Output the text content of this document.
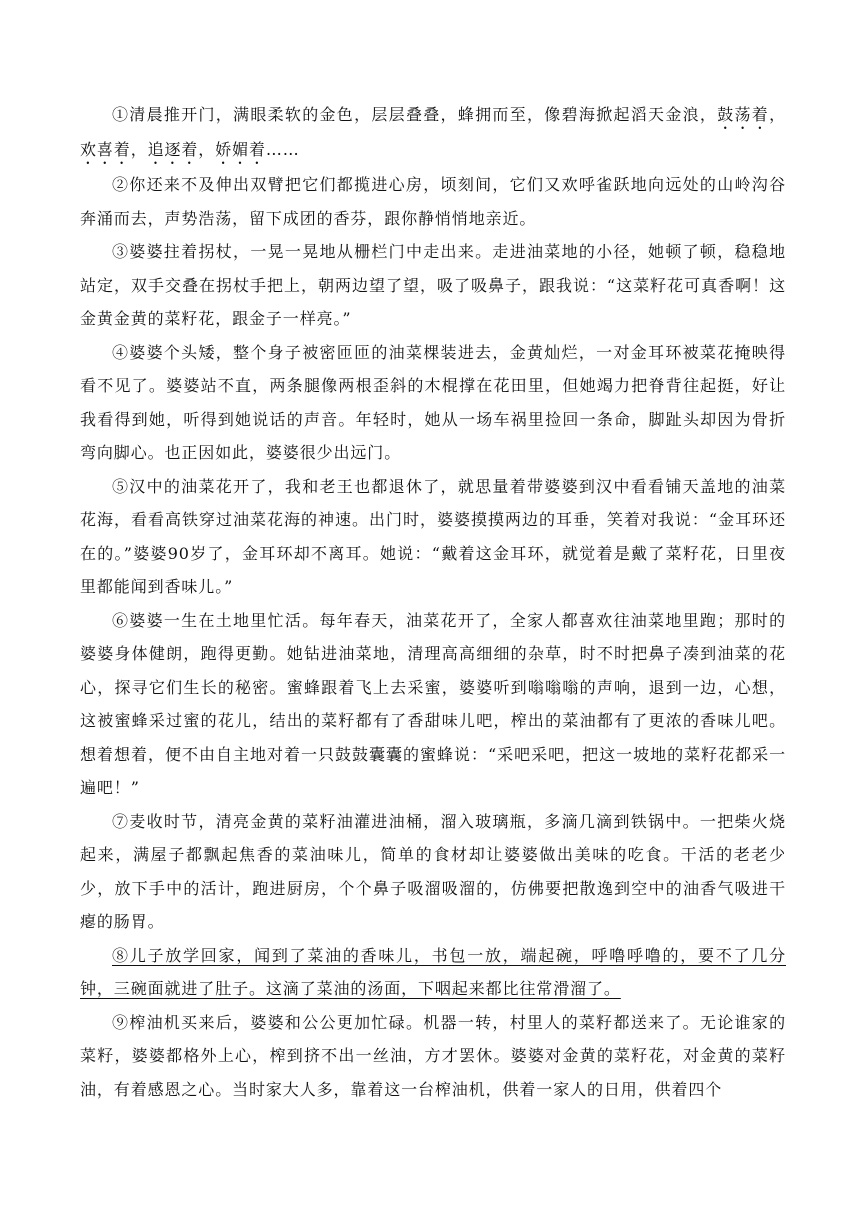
①清晨推开门，满眼柔软的金色，层层叠叠，蜂拥而至，像碧海掀起滔天金浪，鼓荡着，欢喜着，追逐着，娇媚着……

②你还来不及伸出双臂把它们都揽进心房，顷刻间，它们又欢呼雀跃地向远处的山岭沟谷奔涌而去，声势浩荡，留下成团的香芬，跟你静悄悄地亲近。

③婆婆拄着拐杖，一晃一晃地从栅栏门中走出来。走进油菜地的小径，她顿了顿，稳稳地站定，双手交叠在拐杖手把上，朝两边望了望，吸了吸鼻子，跟我说：“这菜籽花可真香啊！这金黄金黄的菜籽花，跟金子一样亮。”

④婆婆个头矮，整个身子被密匝匝的油菜棵装进去，金黄灿烂，一对金耳环被菜花掩映得看不见了。婆婆站不直，两条腿像两根歪斜的木棍撑在花田里，但她竭力把脊背往起挺，好让我看得到她，听得到她说话的声音。年轻时，她从一场车祸里捡回一条命，脚趾头却因为骨折弯向脚心。也正因如此，婆婆很少出远门。

⑤汉中的油菜花开了，我和老王也都退休了，就思量着带婆婆到汉中看看铺天盖地的油菜花海，看看高铁穿过油菜花海的神速。出门时，婆婆摸摸两边的耳垂，笑着对我说：“金耳环还在的。”婆婆90岁了，金耳环却不离耳。她说：“戴着这金耳环，就觉着是戴了菜籽花，日里夜里都能闻到香味儿。”

⑥婆婆一生在土地里忙活。每年春天，油菜花开了，全家人都喜欢往油菜地里跑；那时的婆婆身体健朗，跑得更勤。她钻进油菜地，清理高高细细的杂草，时不时把鼻子凑到油菜的花心，探寻它们生长的秘密。蜜蜂跟着飞上去采蜜，婆婆听到嗡嗡嗡的声响，退到一边，心想，这被蜜蜂采过蜜的花儿，结出的菜籽都有了香甜味儿吧，榨出的菜油都有了更浓的香味儿吧。想着想着，便不由自主地对着一只鼓鼓囊囊的蜜蜂说：“采吧采吧，把这一坡地的菜籽花都采一遍吧！”

⑦麦收时节，清亮金黄的菜籽油灌进油桶，溜入玻璃瓶，多滴几滴到铁锅中。一把柴火烧起来，满屋子都飘起焦香的菜油味儿，简单的食材却让婆婆做出美味的吃食。干活的老老少少，放下手中的活计，跑进厨房，个个鼻子吸溜吸溜的，仿佛要把散逸到空中的油香气吸进干瘪的肠胃。

⑧儿子放学回家，闻到了菜油的香味儿，书包一放，端起碗，呼噜呼噜的，要不了几分钟，三碗面就进了肚子。这滴了菜油的汤面，下咽起来都比往常滑溜了。

⑨榨油机买来后，婆婆和公公更加忙碌。机器一转，村里人的菜籽都送来了。无论谁家的菜籽，婆婆都格外上心，榨到挤不出一丝油，方才罢休。婆婆对金黄的菜籽花，对金黄的菜籽油，有着感恩之心。当时家大人多，靠着这一台榨油机，供着一家人的日用，供着四个
